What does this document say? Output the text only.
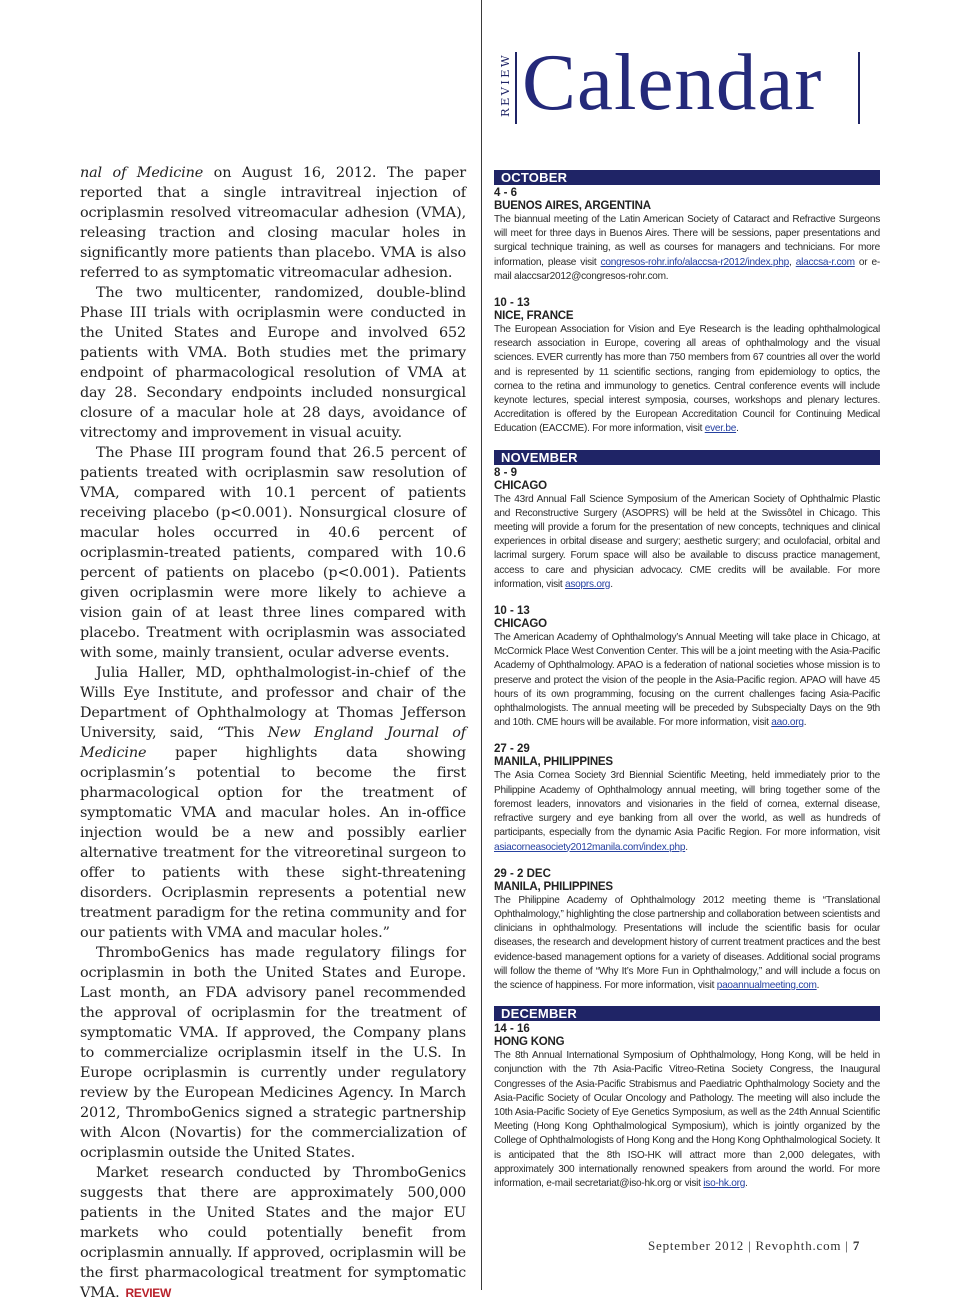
nal of Medicine on August 16, 2012. The paper reported that a single intravitreal injection of ocriplasmin resolved vitreomacular adhesion (VMA), releasing traction and closing macular holes in significantly more patients than placebo. VMA is also referred to as symptomatic vitreomacular adhesion.

The two multicenter, randomized, double-blind Phase III trials with ocriplasmin were conducted in the United States and Europe and involved 652 patients with VMA. Both studies met the primary endpoint of pharmacological resolution of VMA at day 28. Secondary endpoints included nonsurgical closure of a macular hole at 28 days, avoidance of vitrectomy and improvement in visual acuity.

The Phase III program found that 26.5 percent of patients treated with ocriplasmin saw resolution of VMA, compared with 10.1 percent of patients receiving placebo (p<0.001). Nonsurgical closure of macular holes occurred in 40.6 percent of ocriplasmin-treated patients, compared with 10.6 percent of patients on placebo (p<0.001). Patients given ocriplasmin were more likely to achieve a vision gain of at least three lines compared with placebo. Treatment with ocriplasmin was associated with some, mainly transient, ocular adverse events.

Julia Haller, MD, ophthalmologist-in-chief of the Wills Eye Institute, and professor and chair of the Department of Ophthalmology at Thomas Jefferson University, said, “This New England Journal of Medicine paper highlights data showing ocriplasmin’s potential to become the first pharmacological option for the treatment of symptomatic VMA and macular holes. An in-office injection would be a new and possibly earlier alternative treatment for the vitreoretinal surgeon to offer to patients with these sight-threatening disorders. Ocriplasmin represents a potential new treatment paradigm for the retina community and for our patients with VMA and macular holes.”

ThromboGenics has made regulatory filings for ocriplasmin in both the United States and Europe. Last month, an FDA advisory panel recommended the approval of ocriplasmin for the treatment of symptomatic VMA. If approved, the Company plans to commercialize ocriplasmin itself in the U.S. In Europe ocriplasmin is currently under regulatory review by the European Medicines Agency. In March 2012, ThromboGenics signed a strategic partnership with Alcon (Novartis) for the commercialization of ocriplasmin outside the United States.

Market research conducted by ThromboGenics suggests that there are approximately 500,000 patients in the United States and the major EU markets who could potentially benefit from ocriplasmin annually. If approved, ocriplasmin will be the first pharmacological treatment for symptomatic VMA. REVIEW

REVIEW Calendar
OCTOBER
4 - 6
BUENOS AIRES, ARGENTINA
The biannual meeting of the Latin American Society of Cataract and Refractive Surgeons will meet for three days in Buenos Aires. There will be sessions, paper presentations and surgical technique training, as well as courses for managers and technicians. For more information, please visit congresos-rohr.info/alaccsa-r2012/index.php, alaccsa-r.com or e-mail alaccsar2012@congresos-rohr.com.
10 - 13
NICE, FRANCE
The European Association for Vision and Eye Research is the leading ophthalmological research association in Europe, covering all areas of ophthalmology and the visual sciences. EVER currently has more than 750 members from 67 countries all over the world and is represented by 11 scientific sections, ranging from epidemiology to optics, the cornea to the retina and immunology to genetics. Central conference events will include keynote lectures, special interest symposia, courses, workshops and plenary lectures. Accreditation is offered by the European Accreditation Council for Continuing Medical Education (EACCME). For more information, visit ever.be.
NOVEMBER
8 - 9
CHICAGO
The 43rd Annual Fall Science Symposium of the American Society of Ophthalmic Plastic and Reconstructive Surgery (ASOPRS) will be held at the Swissôtel in Chicago. This meeting will provide a forum for the presentation of new concepts, techniques and clinical experiences in orbital disease and surgery; aesthetic surgery; and oculofacial, orbital and lacrimal surgery. Forum space will also be available to discuss practice management, access to care and physician advocacy. CME credits will be available. For more information, visit asoprs.org.
10 - 13
CHICAGO
The American Academy of Ophthalmology’s Annual Meeting will take place in Chicago, at McCormick Place West Convention Center. This will be a joint meeting with the Asia-Pacific Academy of Ophthalmology. APAO is a federation of national societies whose mission is to preserve and protect the vision of the people in the Asia-Pacific region. APAO will have 45 hours of its own programming, focusing on the current challenges facing Asia-Pacific ophthalmologists. The annual meeting will be preceded by Subspecialty Days on the 9th and 10th. CME hours will be available. For more information, visit aao.org.
27 - 29
MANILA, PHILIPPINES
The Asia Cornea Society 3rd Biennial Scientific Meeting, held immediately prior to the Philippine Academy of Ophthalmology annual meeting, will bring together some of the foremost leaders, innovators and visionaries in the field of cornea, external disease, refractive surgery and eye banking from all over the world, as well as hundreds of participants, especially from the dynamic Asia Pacific Region. For more information, visit asiacorneasociety2012manila.com/index.php.
29 - 2 DEC
MANILA, PHILIPPINES
The Philippine Academy of Ophthalmology 2012 meeting theme is “Translational Ophthalmology,” highlighting the close partnership and collaboration between scientists and clinicians in ophthalmology. Presentations will include the scientific basis for ocular diseases, the research and development history of current treatment practices and the best evidence-based management options for a variety of diseases. Additional social programs will follow the theme of “Why It’s More Fun in Ophthalmology,” and will include a focus on the science of happiness. For more information, visit paoannualmeeting.com.
DECEMBER
14 - 16
HONG KONG
The 8th Annual International Symposium of Ophthalmology, Hong Kong, will be held in conjunction with the 7th Asia-Pacific Vitreo-Retina Society Congress, the Inaugural Congresses of the Asia-Pacific Strabismus and Paediatric Ophthalmology Society and the Asia-Pacific Society of Ocular Oncology and Pathology. The meeting will also include the 10th Asia-Pacific Society of Eye Genetics Symposium, as well as the 24th Annual Scientific Meeting (Hong Kong Ophthalmological Symposium), which is jointly organized by the College of Ophthalmologists of Hong Kong and the Hong Kong Ophthalmological Society. It is anticipated that the 8th ISO-HK will attract more than 2,000 delegates, with approximately 300 internationally renowned speakers from around the world. For more information, e-mail secretariat@iso-hk.org or visit iso-hk.org.
September 2012 | Revophth.com | 7
